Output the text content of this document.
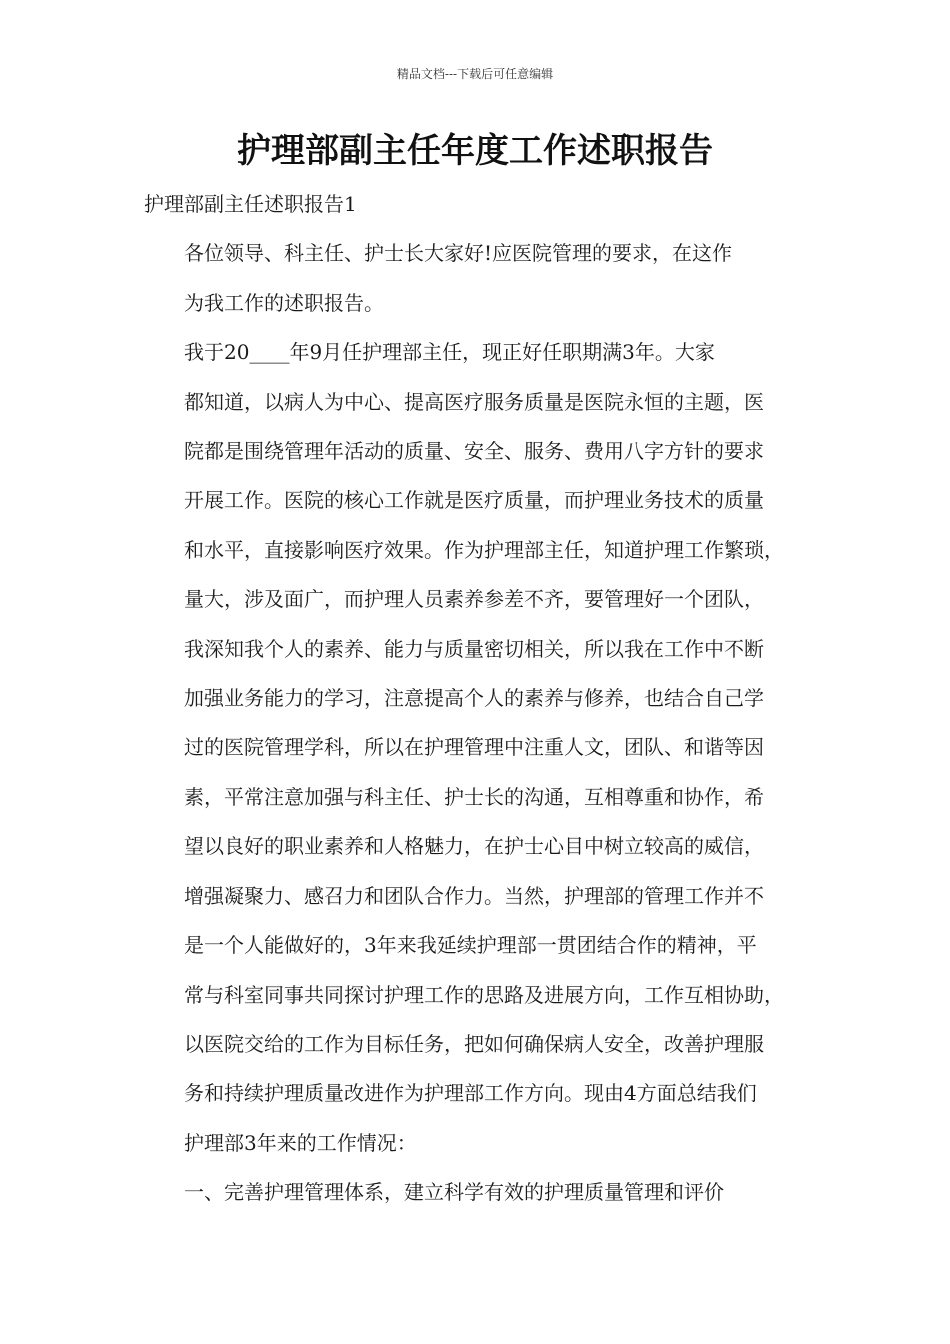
精品文档---下载后可任意编辑
护理部副主任年度工作述职报告

护理部副主任述职报告1

各位领导、科主任、护士长大家好!应医院管理的要求，在这作
为我工作的述职报告。

我于20____年9月任护理部主任，现正好任职期满3年。大家
都知道，以病人为中心、提高医疗服务质量是医院永恒的主题，医
院都是围绕管理年活动的质量、安全、服务、费用八字方针的要求
开展工作。医院的核心工作就是医疗质量，而护理业务技术的质量
和水平，直接影响医疗效果。作为护理部主任，知道护理工作繁琐，
量大，涉及面广，而护理人员素养参差不齐，要管理好一个团队，
我深知我个人的素养、能力与质量密切相关，所以我在工作中不断
加强业务能力的学习，注意提高个人的素养与修养，也结合自己学
过的医院管理学科，所以在护理管理中注重人文，团队、和谐等因
素，平常注意加强与科主任、护士长的沟通，互相尊重和协作，希
望以良好的职业素养和人格魅力，在护士心目中树立较高的威信，
增强凝聚力、感召力和团队合作力。当然，护理部的管理工作并不
是一个人能做好的，3年来我延续护理部一贯团结合作的精神，平
常与科室同事共同探讨护理工作的思路及进展方向，工作互相协助，
以医院交给的工作为目标任务，把如何确保病人安全，改善护理服
务和持续护理质量改进作为护理部工作方向。现由4方面总结我们
护理部3年来的工作情况：

一、完善护理管理体系，建立科学有效的护理质量管理和评价
